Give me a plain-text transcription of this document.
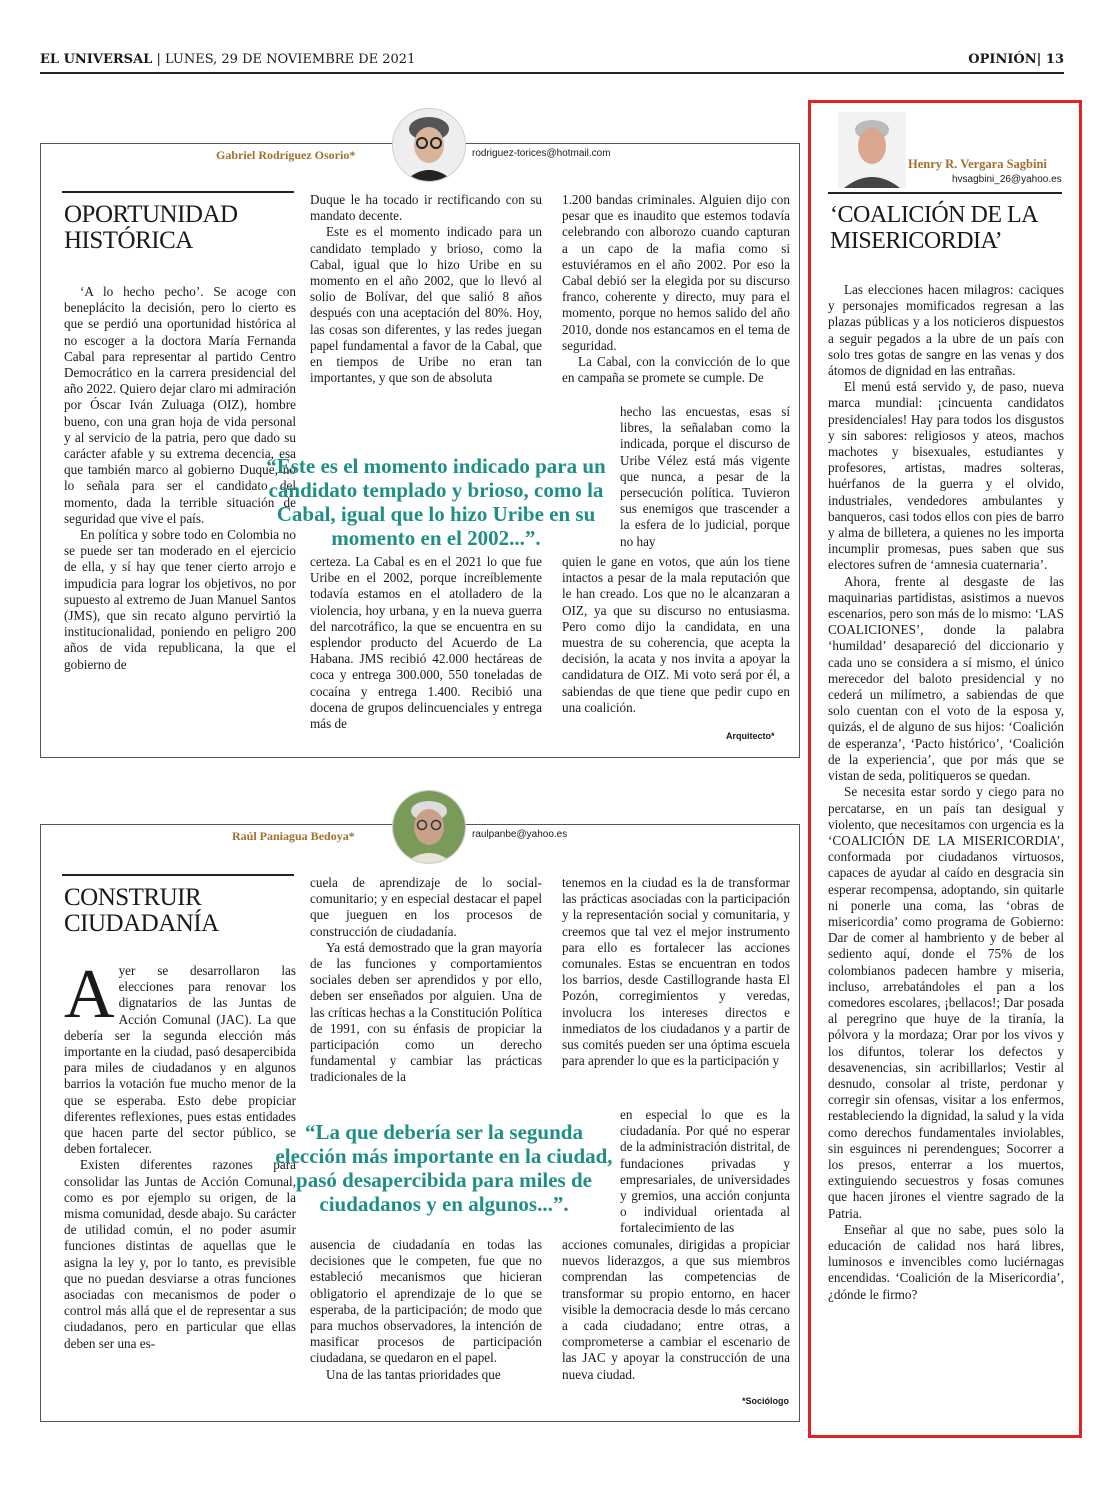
EL UNIVERSAL | LUNES, 29 DE NOVIEMBRE DE 2021	OPINIÓN| 13
Gabriel Rodríguez Osorio*	rodriguez-torices@hotmail.com
OPORTUNIDAD HISTÓRICA

‘A lo hecho pecho’. Se acoge con beneplácito la decisión, pero lo cierto es que se perdió una oportunidad histórica al no escoger a la doctora María Fernanda Cabal para representar al partido Centro Democrático en la carrera presidencial del año 2022. Quiero dejar claro mi admiración por Óscar Iván Zuluaga (OIZ), hombre bueno, con una gran hoja de vida personal y al servicio de la patria, pero que dado su carácter afable y su extrema decencia, esa que también marco al gobierno Duque, no lo señala para ser el candidato del momento, dada la terrible situación de seguridad que vive el país.

En política y sobre todo en Colombia no se puede ser tan moderado en el ejercicio de ella, y sí hay que tener cierto arrojo e impudicia para lograr los objetivos, no por supuesto al extremo de Juan Manuel Santos (JMS), que sin recato alguno pervirtió la institucionalidad, poniendo en peligro 200 años de vida republicana, la que el gobierno de

Duque le ha tocado ir rectificando con su mandato decente.

Este es el momento indicado para un candidato templado y brioso, como la Cabal, igual que lo hizo Uribe en su momento en el año 2002, que lo llevó al solio de Bolívar, del que salió 8 años después con una aceptación del 80%. Hoy, las cosas son diferentes, y las redes juegan papel fundamental a favor de la Cabal, que en tiempos de Uribe no eran tan importantes, y que son de absoluta

certeza. La Cabal es en el 2021 lo que fue Uribe en el 2002, porque increíblemente todavía estamos en el atolladero de la violencia, hoy urbana, y en la nueva guerra del narcotráfico, la que se encuentra en su esplendor producto del Acuerdo de La Habana. JMS recibió 42.000 hectáreas de coca y entrega 300.000, 550 toneladas de cocaína y entrega 1.400. Recibió una docena de grupos delincuenciales y entrega más de

1.200 bandas criminales. Alguien dijo con pesar que es inaudito que estemos todavía celebrando con alborozo cuando capturan a un capo de la mafia como si estuviéramos en el año 2002. Por eso la Cabal debió ser la elegida por su discurso franco, coherente y directo, muy para el momento, porque no hemos salido del año 2010, donde nos estancamos en el tema de seguridad.

La Cabal, con la convicción de lo que en campaña se promete se cumple. De

hecho las encuestas, esas sí libres, la señalaban como la indicada, porque el discurso de Uribe Vélez está más vigente que nunca, a pesar de la persecución política. Tuvieron sus enemigos que trascender a la esfera de lo judicial, porque no hay

quien le gane en votos, que aún los tiene intactos a pesar de la mala reputación que le han creado. Los que no le alcanzaran a OIZ, ya que su discurso no entusiasma. Pero como dijo la candidata, en una muestra de su coherencia, que acepta la decisión, la acata y nos invita a apoyar la candidatura de OIZ. Mi voto será por él, a sabiendas de que tiene que pedir cupo en una coalición.

“Este es el momento indicado para un candidato templado y brioso, como la Cabal, igual que lo hizo Uribe en su momento en el 2002...”.
Arquitecto*
Raúl Paniagua Bedoya*	raulpanbe@yahoo.es
CONSTRUIR CIUDADANÍA
A yer se desarrollaron las elecciones para renovar los dignatarios de las Juntas de Acción Comunal (JAC). La que debería ser la segunda elección más importante en la ciudad, pasó desapercibida para miles de ciudadanos y en algunos barrios la votación fue mucho menor de la que se esperaba. Esto debe propiciar diferentes reflexiones, pues estas entidades que hacen parte del sector público, se deben fortalecer.

Existen diferentes razones para consolidar las Juntas de Acción Comunal, como es por ejemplo su origen, de la misma comunidad, desde abajo. Su carácter de utilidad común, el no poder asumir funciones distintas de aquellas que le asigna la ley y, por lo tanto, es previsible que no puedan desviarse a otras funciones asociadas con mecanismos de poder o control más allá que el de representar a sus ciudadanos, pero en particular que ellas deben ser una es-

cuela de aprendizaje de lo social-comunitario; y en especial destacar el papel que jueguen en los procesos de construcción de ciudadanía.

Ya está demostrado que la gran mayoría de las funciones y comportamientos sociales deben ser aprendidos y por ello, deben ser enseñados por alguien. Una de las críticas hechas a la Constitución Política de 1991, con su énfasis de propiciar la participación como un derecho fundamental y cambiar las prácticas tradicionales de la

ausencia de ciudadanía en todas las decisiones que le competen, fue que no estableció mecanismos que hicieran obligatorio el aprendizaje de lo que se esperaba, de la participación; de modo que para muchos observadores, la intención de masificar procesos de participación ciudadana, se quedaron en el papel.

Una de las tantas prioridades que

tenemos en la ciudad es la de transformar las prácticas asociadas con la participación y la representación social y comunitaria, y creemos que tal vez el mejor instrumento para ello es fortalecer las acciones comunales. Estas se encuentran en todos los barrios, desde Castillogrande hasta El Pozón, corregimientos y veredas, involucra los intereses directos e inmediatos de los ciudadanos y a partir de sus comités pueden ser una óptima escuela para aprender lo que es la participación y

en especial lo que es la ciudadanía. Por qué no esperar de la administración distrital, de fundaciones privadas y empresariales, de universidades y gremios, una acción conjunta o individual orientada al fortalecimiento de las

acciones comunales, dirigidas a propiciar nuevos liderazgos, a que sus miembros comprendan las competencias de transformar su propio entorno, en hacer visible la democracia desde lo más cercano a cada ciudadano; entre otras, a comprometerse a cambiar el escenario de las JAC y apoyar la construcción de una nueva ciudad.

“La que debería ser la segunda elección más importante en la ciudad, pasó desapercibida para miles de ciudadanos y en algunos...”.
*Sociólogo
Henry R. Vergara Sagbini
hvsagbini_26@yahoo.es
‘COALICIÓN DE LA MISERICORDIA’

Las elecciones hacen milagros: caciques y personajes momificados regresan a las plazas públicas y a los noticieros dispuestos a seguir pegados a la ubre de un país con solo tres gotas de sangre en las venas y dos átomos de dignidad en las entrañas.

El menú está servido y, de paso, nueva marca mundial: ¡cincuenta candidatos presidenciales! Hay para todos los disgustos y sin sabores: religiosos y ateos, machos machotes y bisexuales, estudiantes y profesores, artistas, madres solteras, huérfanos de la guerra y el olvido, industriales, vendedores ambulantes y banqueros, casi todos ellos con pies de barro y alma de billetera, a quienes no les importa incumplir promesas, pues saben que sus electores sufren de ‘amnesia cuaternaria’.

Ahora, frente al desgaste de las maquinarias partidistas, asistimos a nuevos escenarios, pero son más de lo mismo: ‘LAS COALICIONES’, donde la palabra ‘humildad’ desapareció del diccionario y cada uno se considera a sí mismo, el único merecedor del baloto presidencial y no cederá un milímetro, a sabiendas de que solo cuentan con el voto de la esposa y, quizás, el de alguno de sus hijos: ‘Coalición de esperanza’, ‘Pacto histórico’, ‘Coalición de la experiencia’, que por más que se vistan de seda, politiqueros se quedan.

Se necesita estar sordo y ciego para no percatarse, en un país tan desigual y violento, que necesitamos con urgencia es la ‘COALICIÓN DE LA MISERICORDIA’, conformada por ciudadanos virtuosos, capaces de ayudar al caído en desgracia sin esperar recompensa, adoptando, sin quitarle ni ponerle una coma, las ‘obras de misericordia’ como programa de Gobierno: Dar de comer al hambriento y de beber al sediento aquí, donde el 75% de los colombianos padecen hambre y miseria, incluso, arrebatándoles el pan a los comedores escolares, ¡bellacos!; Dar posada al peregrino que huye de la tiranía, la pólvora y la mordaza; Orar por los vivos y los difuntos, tolerar los defectos y desavenencias, sin acribillarlos; Vestir al desnudo, consolar al triste, perdonar y corregir sin ofensas, visitar a los enfermos, restableciendo la dignidad, la salud y la vida como derechos fundamentales inviolables, sin esguinces ni perendengues; Socorrer a los presos, enterrar a los muertos, extinguiendo secuestros y fosas comunes que hacen jirones el vientre sagrado de la Patria.

Enseñar al que no sabe, pues solo la educación de calidad nos hará libres, luminosos e invencibles como luciérnagas encendidas. ‘Coalición de la Misericordia’, ¿dónde le firmo?
